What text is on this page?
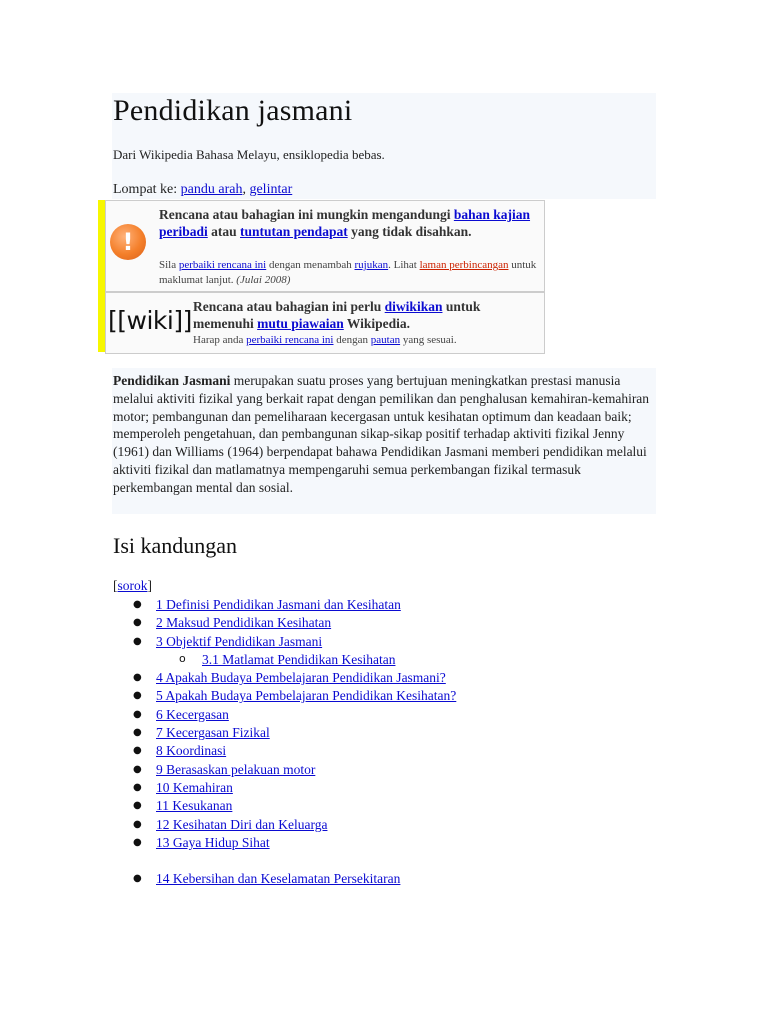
Pendidikan jasmani
Dari Wikipedia Bahasa Melayu, ensiklopedia bebas.
Lompat ke: pandu arah, gelintar
!
Rencana atau bahagian ini mungkin mengandungi bahan kajian peribadi atau tuntutan pendapat yang tidak disahkan.
Sila perbaiki rencana ini dengan menambah rujukan. Lihat laman perbincangan untuk maklumat lanjut. (Julai 2008)
[[wiki]] Rencana atau bahagian ini perlu diwikikan untuk memenuhi mutu piawaian Wikipedia.
Harap anda perbaiki rencana ini dengan pautan yang sesuai.
Pendidikan Jasmani merupakan suatu proses yang bertujuan meningkatkan prestasi manusia melalui aktiviti fizikal yang berkait rapat dengan pemilikan dan penghalusan kemahiran-kemahiran motor; pembangunan dan pemeliharaan kecergasan untuk kesihatan optimum dan keadaan baik; memperoleh pengetahuan, dan pembangunan sikap-sikap positif terhadap aktiviti fizikal Jenny (1961) dan Williams (1964) berpendapat bahawa Pendidikan Jasmani memberi pendidikan melalui aktiviti fizikal dan matlamatnya mempengaruhi semua perkembangan fizikal termasuk perkembangan mental dan sosial.
Isi kandungan
[sorok]
● 1 Definisi Pendidikan Jasmani dan Kesihatan
● 2 Maksud Pendidikan Kesihatan
● 3 Objektif Pendidikan Jasmani
o 3.1 Matlamat Pendidikan Kesihatan
● 4 Apakah Budaya Pembelajaran Pendidikan Jasmani?
● 5 Apakah Budaya Pembelajaran Pendidikan Kesihatan?
● 6 Kecergasan
● 7 Kecergasan Fizikal
● 8 Koordinasi
● 9 Berasaskan pelakuan motor
● 10 Kemahiran
● 11 Kesukanan
● 12 Kesihatan Diri dan Keluarga
● 13 Gaya Hidup Sihat
● 14 Kebersihan dan Keselamatan Persekitaran
